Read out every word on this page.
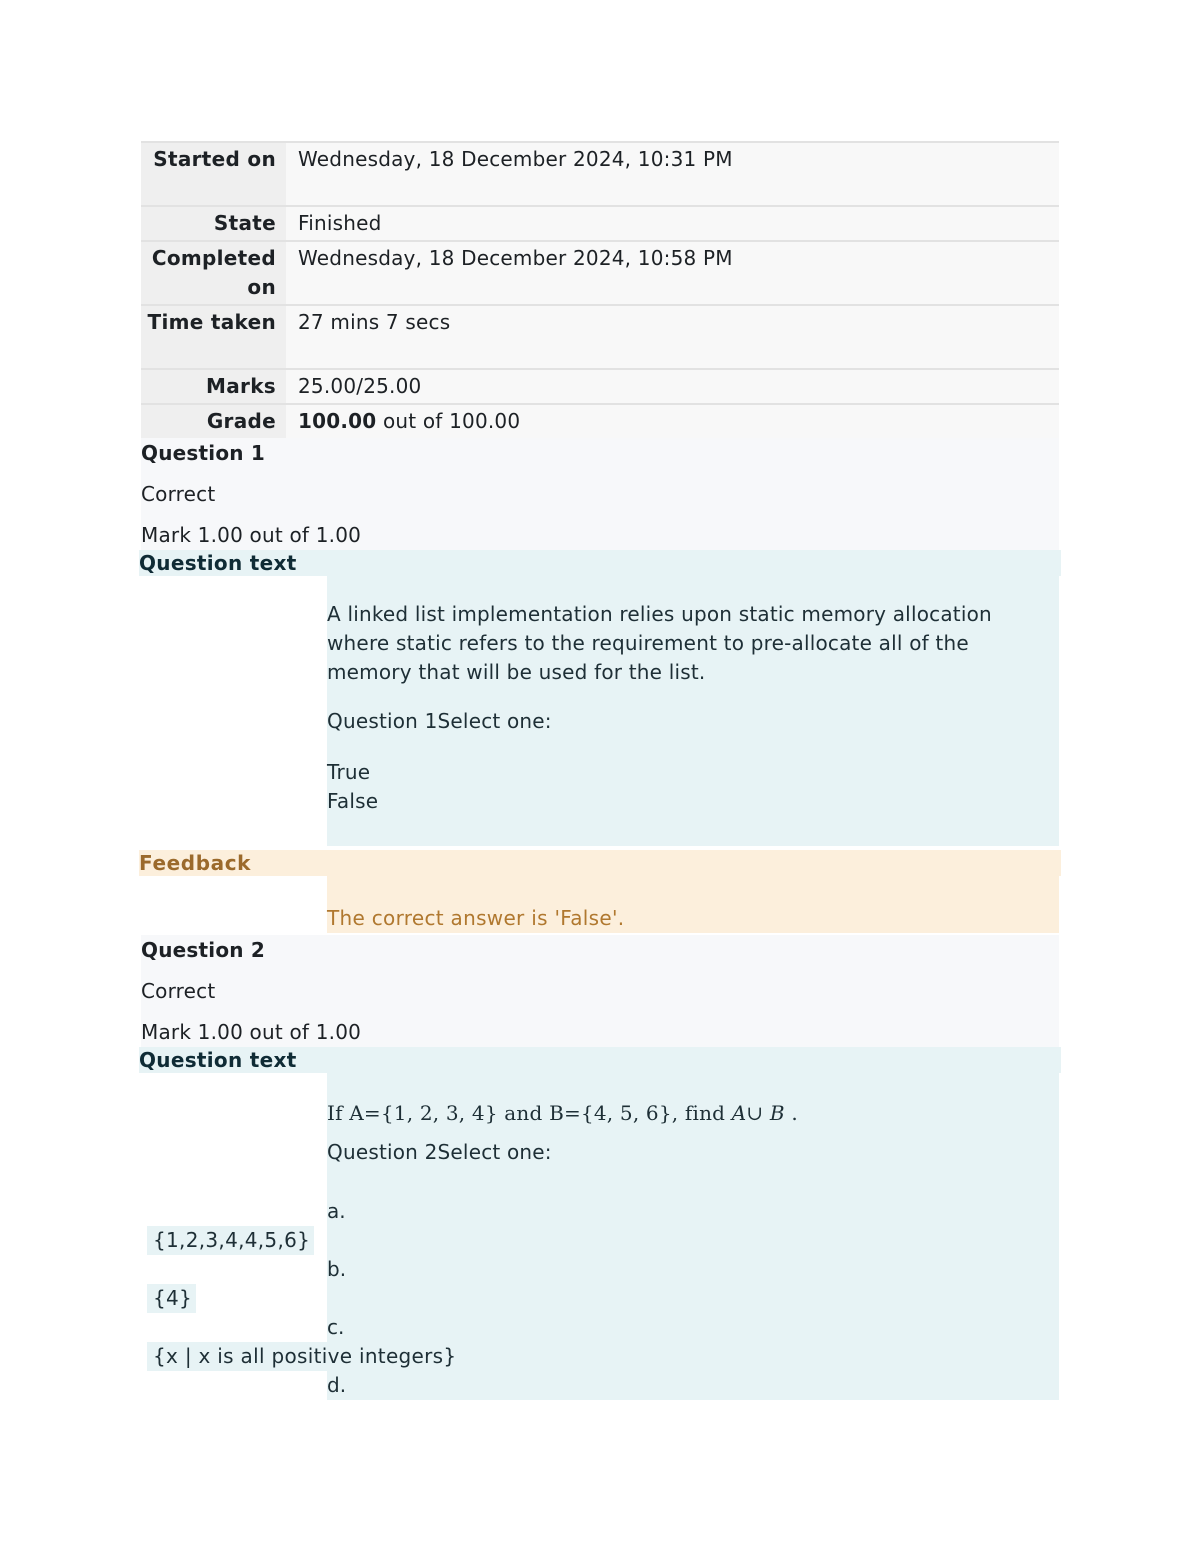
Started on	Wednesday, 18 December 2024, 10:31 PM
State	Finished
Completed on	Wednesday, 18 December 2024, 10:58 PM
Time taken	27 mins 7 secs
Marks	25.00/25.00
Grade	100.00 out of 100.00
Question 1
Correct
Mark 1.00 out of 1.00
Question text

A linked list implementation relies upon static memory allocation where static refers to the requirement to pre-allocate all of the memory that will be used for the list.

Question 1Select one:

True
False
Feedback
The correct answer is 'False'.
Question 2
Correct
Mark 1.00 out of 1.00
Question text

If A={1, 2, 3, 4} and B={4, 5, 6}, find A∪ B .

Question 2Select one:

a.
{1,2,3,4,4,5,6}
b.
{4}
c.
{x | x is all positive integers}
d.
